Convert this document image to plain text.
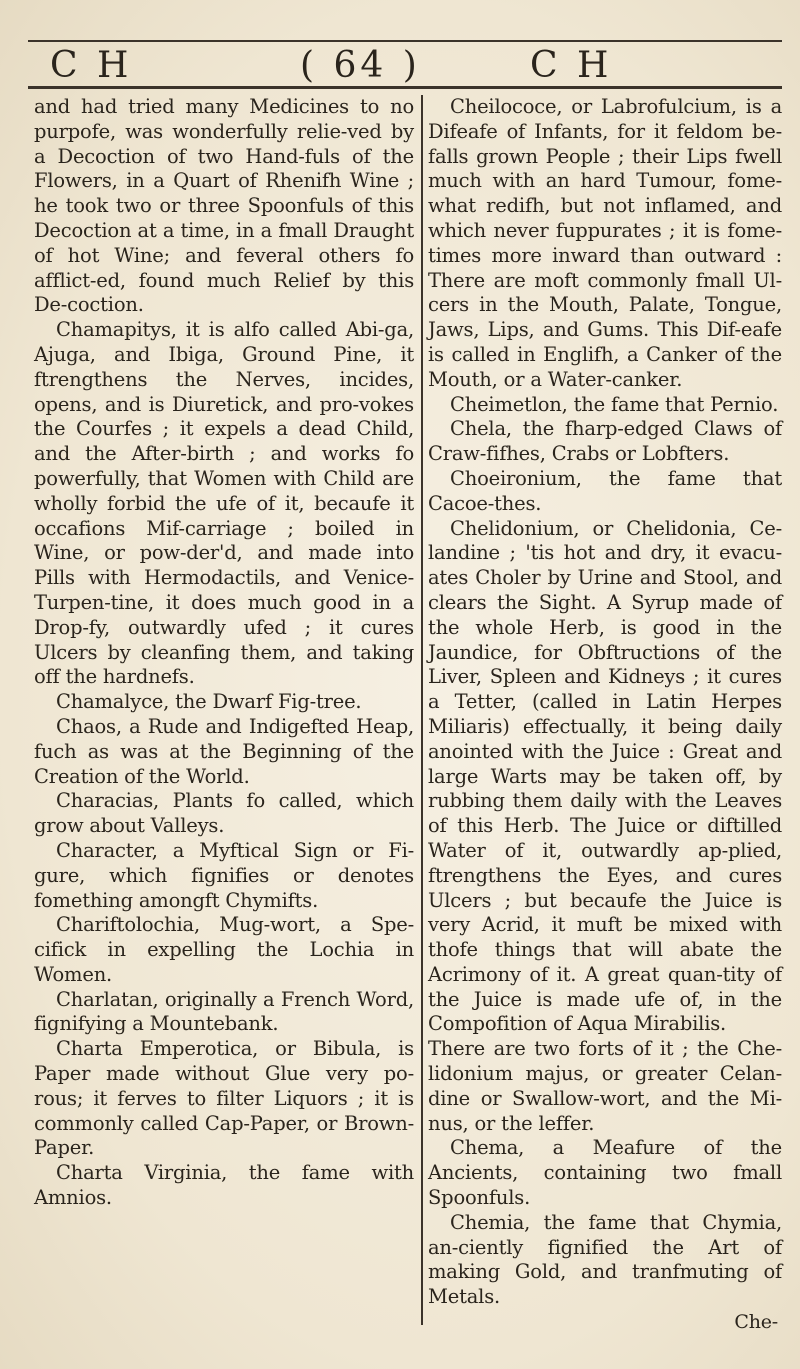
C H	( 64 )	C H

and had tried many Medicines to no purpofe, was wonderfully relie-ved by a Decoction of two Hand-fuls of the Flowers, in a Quart of Rhenifh Wine ; he took two or three Spoonfuls of this Decoction at a time, in a fmall Draught of hot Wine; and feveral others fo afflict-ed, found much Relief by this De-coction.

Chamapitys, it is alfo called Abi-ga, Ajuga, and Ibiga, Ground Pine, it ftrengthens the Nerves, incides, opens, and is Diuretick, and pro-vokes the Courfes ; it expels a dead Child, and the After-birth ; and works fo powerfully, that Women with Child are wholly forbid the ufe of it, becaufe it occafions Mif-carriage ; boiled in Wine, or pow-der'd, and made into Pills with Hermodactils, and Venice-Turpen-tine, it does much good in a Drop-fy, outwardly ufed ; it cures Ulcers by cleanfing them, and taking off the hardnefs.

Chamalyce, the Dwarf Fig-tree.

Chaos, a Rude and Indigefted Heap, fuch as was at the Beginning of the Creation of the World.

Characias, Plants fo called, which grow about Valleys.

Character, a Myftical Sign or Fi-gure, which fignifies or denotes fomething amongft Chymifts.

Chariftolochia, Mug-wort, a Spe-cifick in expelling the Lochia in Women.

Charlatan, originally a French Word, fignifying a Mountebank.

Charta Emperotica, or Bibula, is Paper made without Glue very po-rous; it ferves to filter Liquors ; it is commonly called Cap-Paper, or Brown-Paper.

Charta Virginia, the fame with Amnios.

Cheilococe, or Labrofulcium, is a Difeafe of Infants, for it feldom be-falls grown People ; their Lips fwell much with an hard Tumour, fome-what redifh, but not inflamed, and which never fuppurates ; it is fome-times more inward than outward : There are moft commonly fmall Ul-cers in the Mouth, Palate, Tongue, Jaws, Lips, and Gums. This Dif-eafe is called in Englifh, a Canker of the Mouth, or a Water-canker.

Cheimetlon, the fame that Pernio.

Chela, the fharp-edged Claws of Craw-fifhes, Crabs or Lobfters.

Choeironium, the fame that Cacoe-thes.

Chelidonium, or Chelidonia, Ce-landine ; 'tis hot and dry, it evacu-ates Choler by Urine and Stool, and clears the Sight. A Syrup made of the whole Herb, is good in the Jaundice, for Obftructions of the Liver, Spleen and Kidneys ; it cures a Tetter, (called in Latin Herpes Miliaris) effectually, it being daily anointed with the Juice : Great and large Warts may be taken off, by rubbing them daily with the Leaves of this Herb. The Juice or diftilled Water of it, outwardly ap-plied, ftrengthens the Eyes, and cures Ulcers ; but becaufe the Juice is very Acrid, it muft be mixed with thofe things that will abate the Acrimony of it. A great quan-tity of the Juice is made ufe of, in the Compofition of Aqua Mirabilis.

There are two forts of it ; the Che-lidonium majus, or greater Celan-dine or Swallow-wort, and the Mi-nus, or the leffer.

Chema, a Meafure of the Ancients, containing two fmall Spoonfuls.

Chemia, the fame that Chymia, an-ciently fignified the Art of making Gold, and tranfmuting of Metals.

Che-
